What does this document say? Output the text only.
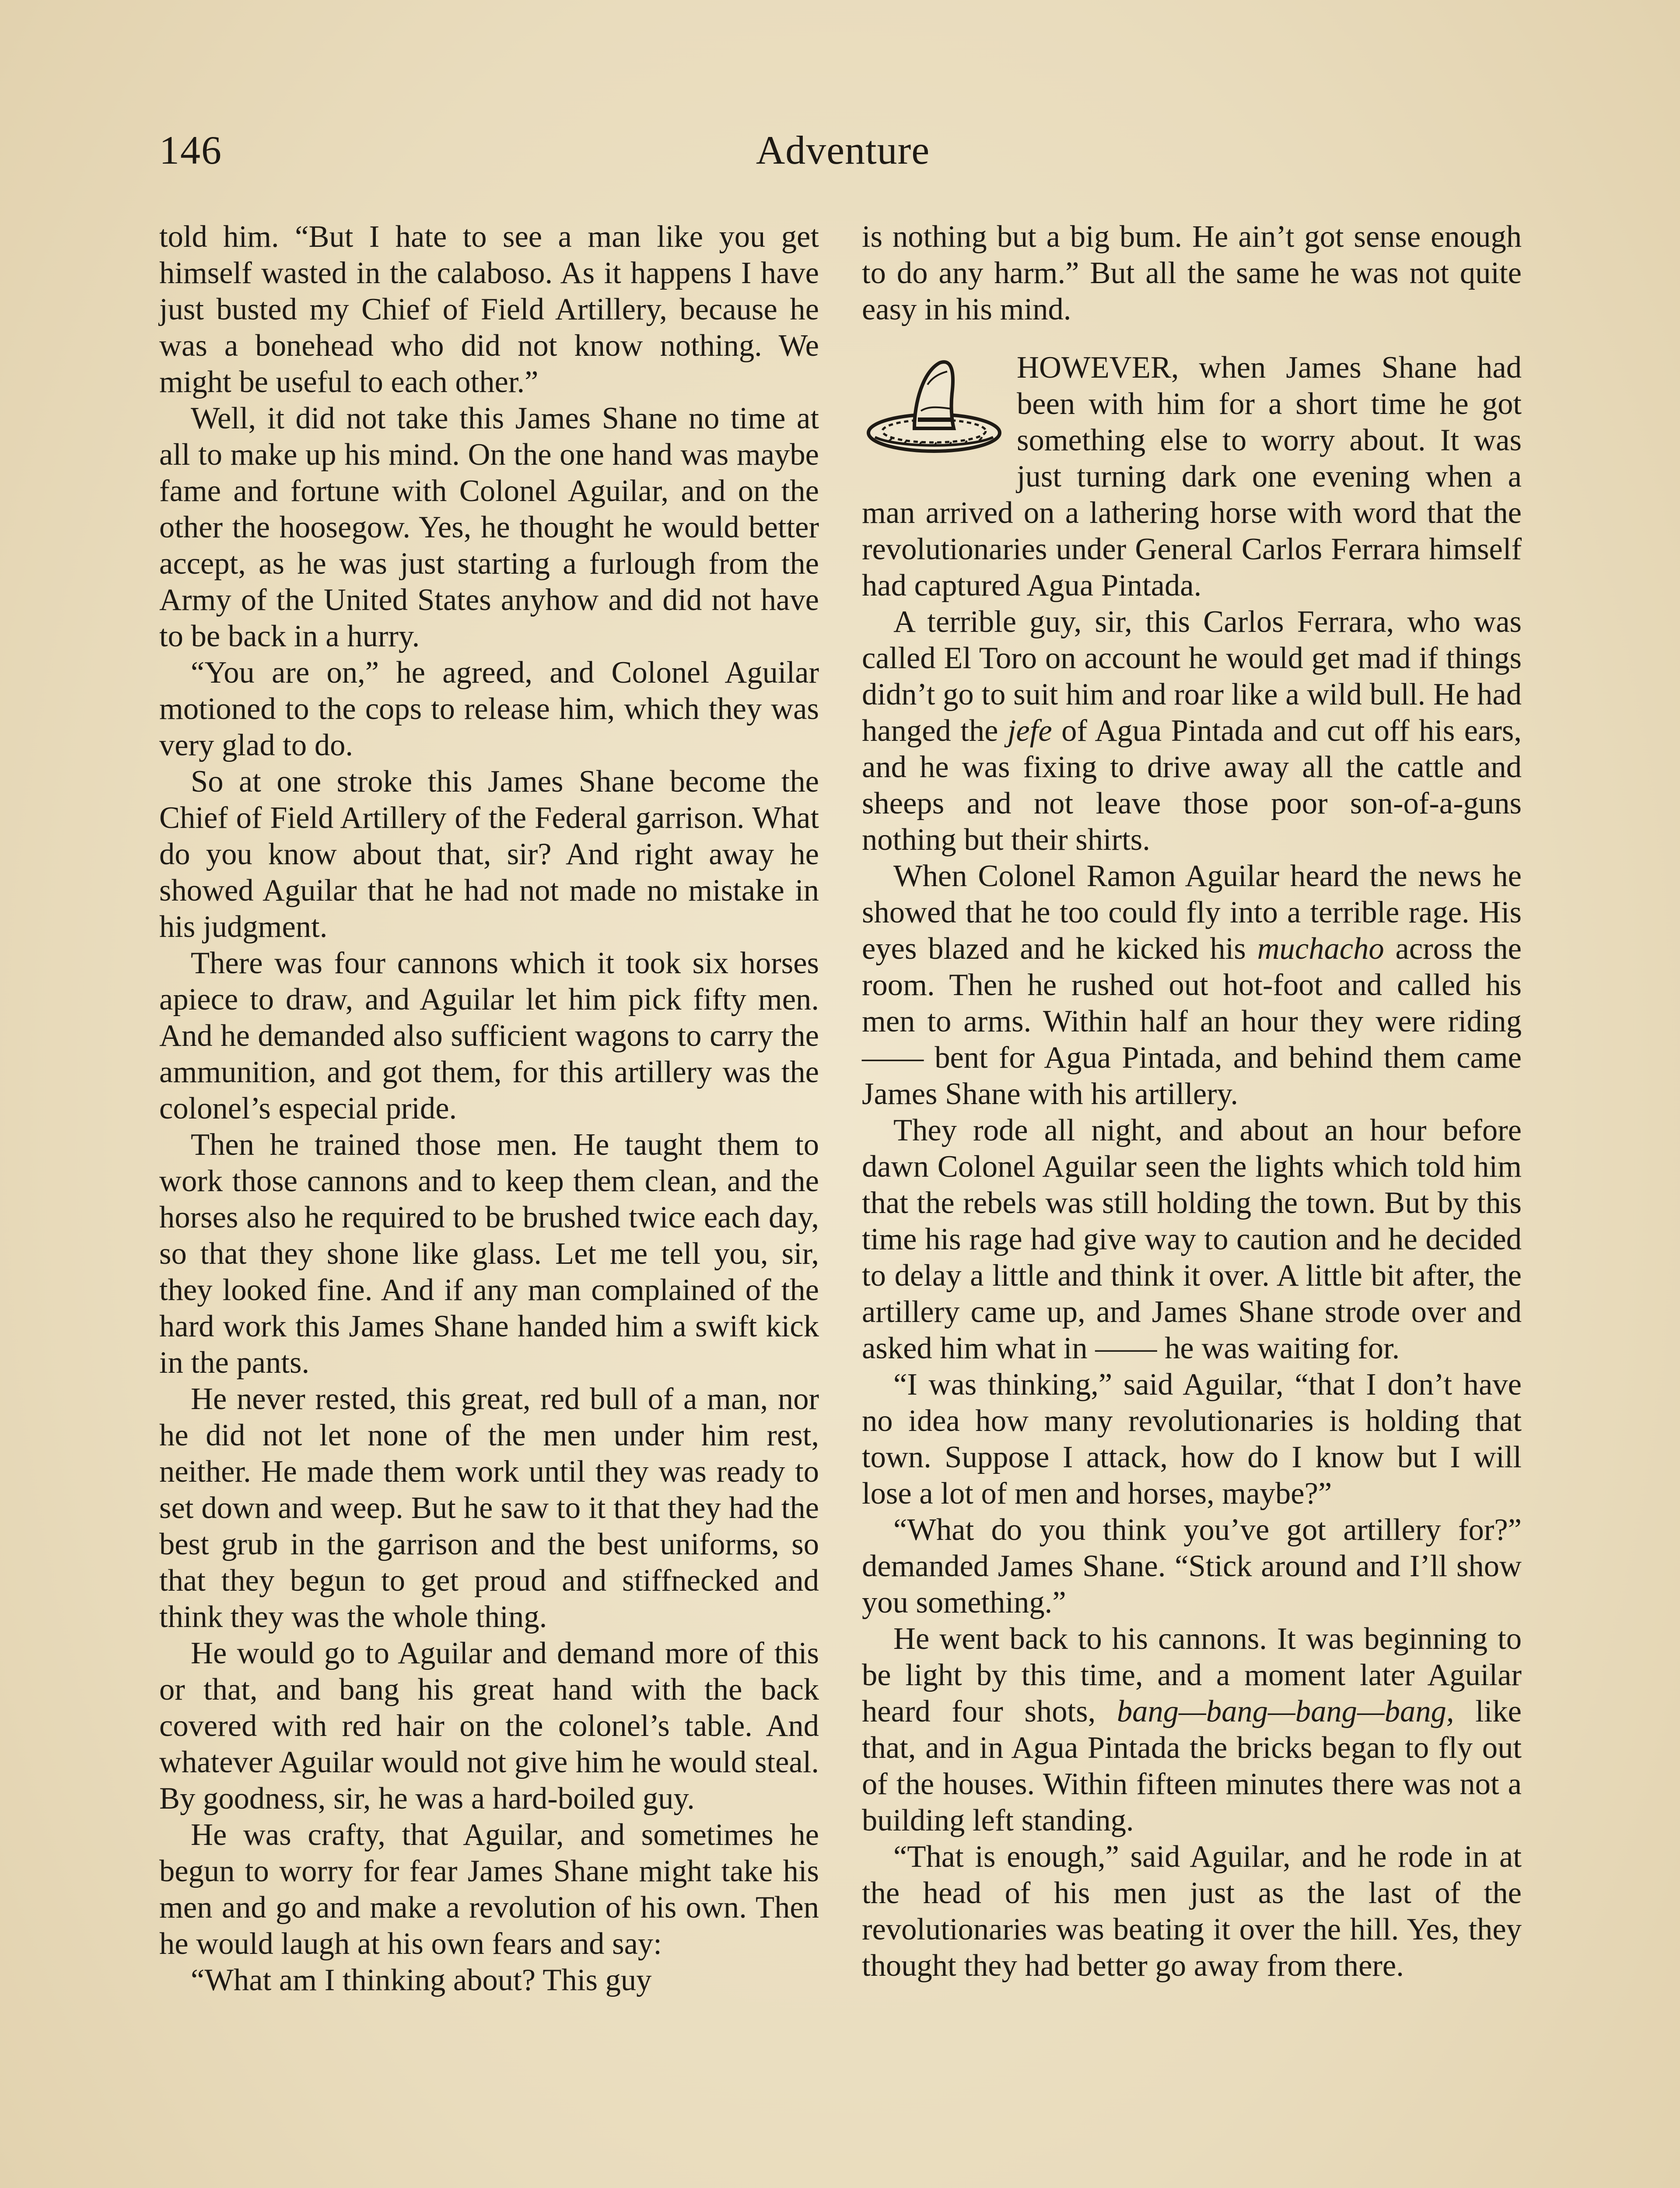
146	Adventure

told him. “But I hate to see a man like you get himself wasted in the calaboso. As it happens I have just busted my Chief of Field Artillery, because he was a bonehead who did not know nothing. We might be useful to each other.”

Well, it did not take this James Shane no time at all to make up his mind. On the one hand was maybe fame and fortune with Colonel Aguilar, and on the other the hoosegow. Yes, he thought he would better accept, as he was just starting a furlough from the Army of the United States anyhow and did not have to be back in a hurry.

“You are on,” he agreed, and Colonel Aguilar motioned to the cops to release him, which they was very glad to do.

So at one stroke this James Shane become the Chief of Field Artillery of the Federal garrison. What do you know about that, sir? And right away he showed Aguilar that he had not made no mistake in his judgment.

There was four cannons which it took six horses apiece to draw, and Aguilar let him pick fifty men. And he demanded also sufficient wagons to carry the ammunition, and got them, for this artillery was the colonel’s especial pride.

Then he trained those men. He taught them to work those cannons and to keep them clean, and the horses also he required to be brushed twice each day, so that they shone like glass. Let me tell you, sir, they looked fine. And if any man complained of the hard work this James Shane handed him a swift kick in the pants.

He never rested, this great, red bull of a man, nor he did not let none of the men under him rest, neither. He made them work until they was ready to set down and weep. But he saw to it that they had the best grub in the garrison and the best uniforms, so that they begun to get proud and stiffnecked and think they was the whole thing.

He would go to Aguilar and demand more of this or that, and bang his great hand with the back covered with red hair on the colonel’s table. And whatever Aguilar would not give him he would steal. By goodness, sir, he was a hard-boiled guy.

He was crafty, that Aguilar, and sometimes he begun to worry for fear James Shane might take his men and go and make a revolution of his own. Then he would laugh at his own fears and say:

“What am I thinking about? This guy

is nothing but a big bum. He ain’t got sense enough to do any harm.” But all the same he was not quite easy in his mind.

HOWEVER, when James Shane had been with him for a short time he got something else to worry about. It was just turning dark one evening when a man arrived on a lathering horse with word that the revolutionaries under General Carlos Ferrara himself had captured Agua Pintada.

A terrible guy, sir, this Carlos Ferrara, who was called El Toro on account he would get mad if things didn’t go to suit him and roar like a wild bull. He had hanged the jefe of Agua Pintada and cut off his ears, and he was fixing to drive away all the cattle and sheeps and not leave those poor son-of-a-guns nothing but their shirts.

When Colonel Ramon Aguilar heard the news he showed that he too could fly into a terrible rage. His eyes blazed and he kicked his muchacho across the room. Then he rushed out hot-foot and called his men to arms. Within half an hour they were riding —— bent for Agua Pintada, and behind them came James Shane with his artillery.

They rode all night, and about an hour before dawn Colonel Aguilar seen the lights which told him that the rebels was still holding the town. But by this time his rage had give way to caution and he decided to delay a little and think it over. A little bit after, the artillery came up, and James Shane strode over and asked him what in —— he was waiting for.

“I was thinking,” said Aguilar, “that I don’t have no idea how many revolutionaries is holding that town. Suppose I attack, how do I know but I will lose a lot of men and horses, maybe?”

“What do you think you’ve got artillery for?” demanded James Shane. “Stick around and I’ll show you something.”

He went back to his cannons. It was beginning to be light by this time, and a moment later Aguilar heard four shots, bang—bang—bang—bang, like that, and in Agua Pintada the bricks began to fly out of the houses. Within fifteen minutes there was not a building left standing.

“That is enough,” said Aguilar, and he rode in at the head of his men just as the last of the revolutionaries was beating it over the hill. Yes, they thought they had better go away from there.
